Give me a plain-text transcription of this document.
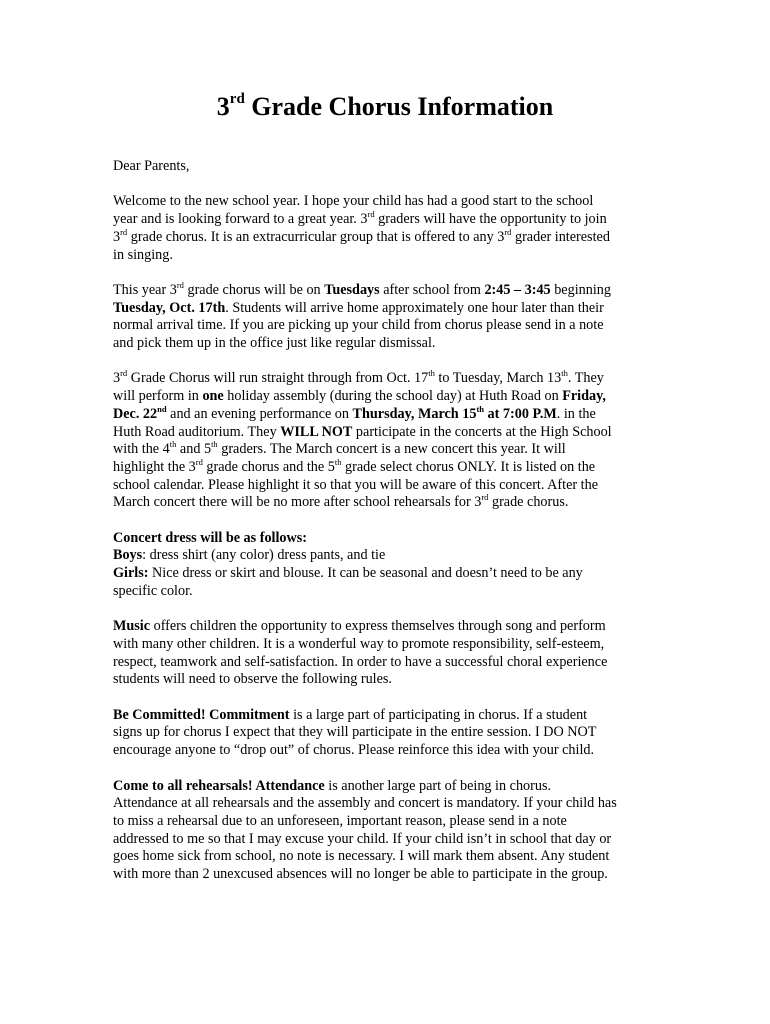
3rd Grade Chorus Information

Dear Parents,

Welcome to the new school year. I hope your child has had a good start to the school
year and is looking forward to a great year. 3rd graders will have the opportunity to join
3rd grade chorus. It is an extracurricular group that is offered to any 3rd grader interested
in singing.

This year 3rd grade chorus will be on Tuesdays after school from 2:45 – 3:45 beginning
Tuesday, Oct. 17th. Students will arrive home approximately one hour later than their
normal arrival time. If you are picking up your child from chorus please send in a note
and pick them up in the office just like regular dismissal.

3rd Grade Chorus will run straight through from Oct. 17th to Tuesday, March 13th. They
will perform in one holiday assembly (during the school day) at Huth Road on Friday,
Dec. 22nd and an evening performance on Thursday, March 15th at 7:00 P.M. in the
Huth Road auditorium. They WILL NOT participate in the concerts at the High School
with the 4th and 5th graders. The March concert is a new concert this year. It will
highlight the 3rd grade chorus and the 5th grade select chorus ONLY. It is listed on the
school calendar. Please highlight it so that you will be aware of this concert. After the
March concert there will be no more after school rehearsals for 3rd grade chorus.

Concert dress will be as follows:
Boys: dress shirt (any color) dress pants, and tie
Girls: Nice dress or skirt and blouse. It can be seasonal and doesn’t need to be any
specific color.

Music offers children the opportunity to express themselves through song and perform
with many other children. It is a wonderful way to promote responsibility, self-esteem,
respect, teamwork and self-satisfaction. In order to have a successful choral experience
students will need to observe the following rules.

Be Committed! Commitment is a large part of participating in chorus. If a student
signs up for chorus I expect that they will participate in the entire session. I DO NOT
encourage anyone to “drop out” of chorus. Please reinforce this idea with your child.

Come to all rehearsals! Attendance is another large part of being in chorus.
Attendance at all rehearsals and the assembly and concert is mandatory. If your child has
to miss a rehearsal due to an unforeseen, important reason, please send in a note
addressed to me so that I may excuse your child. If your child isn’t in school that day or
goes home sick from school, no note is necessary. I will mark them absent. Any student
with more than 2 unexcused absences will no longer be able to participate in the group.
